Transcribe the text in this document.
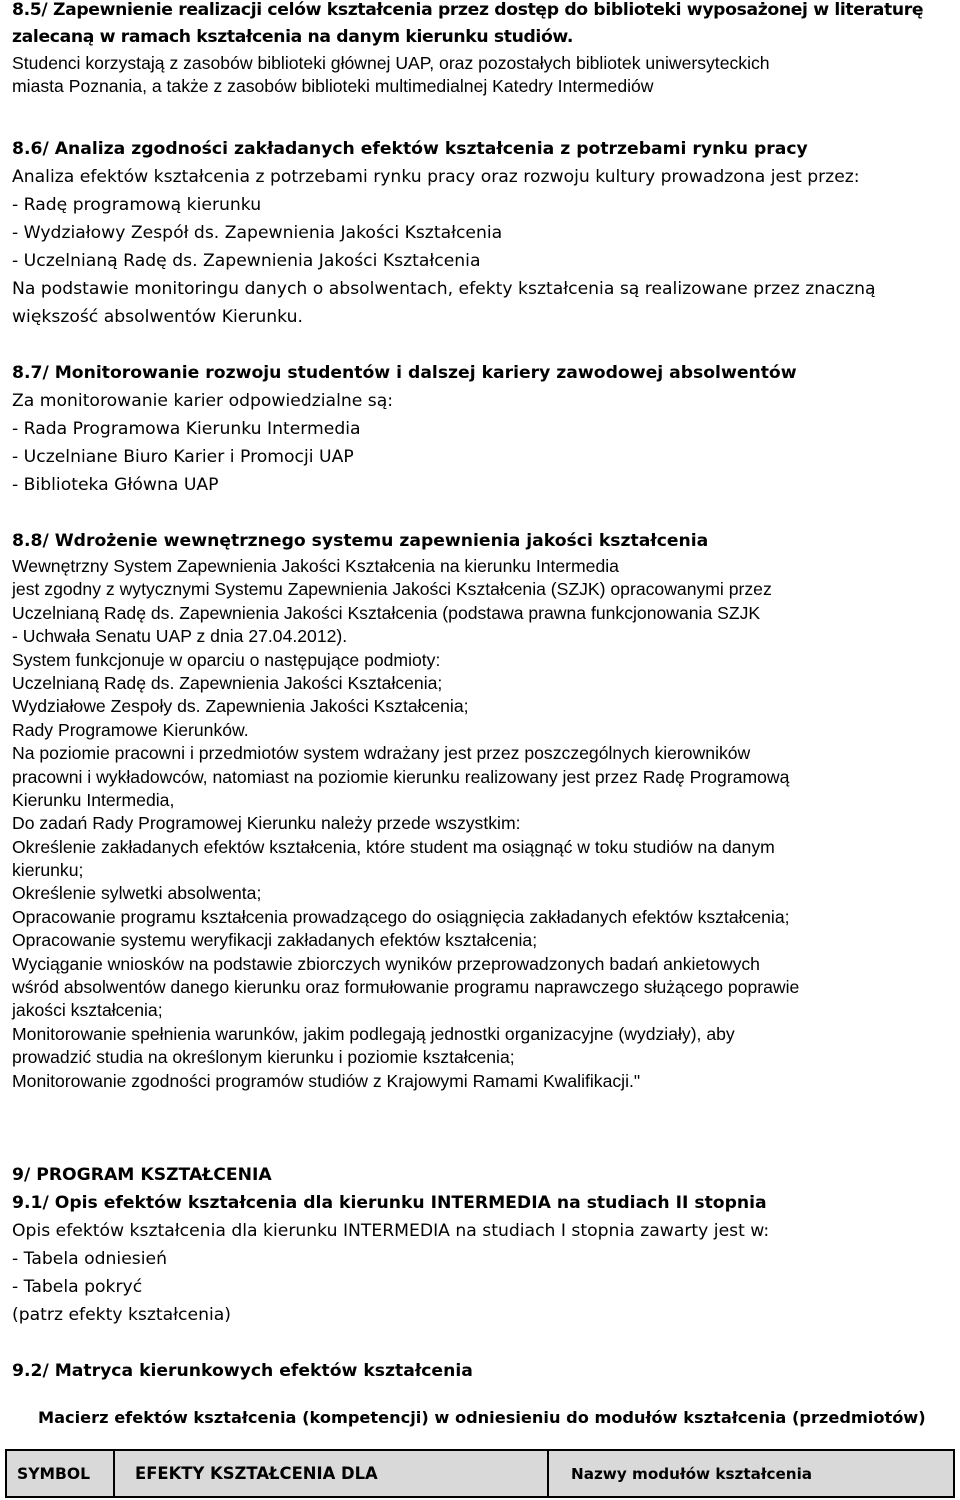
8.5/ Zapewnienie realizacji celów kształcenia przez dostęp do biblioteki wyposażonej w literaturę
zalecaną w ramach kształcenia na danym kierunku studiów.
Studenci korzystają z zasobów biblioteki głównej UAP, oraz pozostałych bibliotek uniwersyteckich
miasta Poznania, a także z zasobów biblioteki multimedialnej Katedry Intermediów
8.6/ Analiza zgodności zakładanych efektów kształcenia z potrzebami rynku pracy
Analiza efektów kształcenia z potrzebami rynku pracy oraz rozwoju kultury prowadzona jest przez:
- Radę programową kierunku
- Wydziałowy Zespół ds. Zapewnienia Jakości Kształcenia
- Uczelnianą Radę ds. Zapewnienia Jakości Kształcenia
Na podstawie monitoringu danych o absolwentach, efekty kształcenia są realizowane przez znaczną
większość absolwentów Kierunku.
8.7/ Monitorowanie rozwoju studentów i dalszej kariery zawodowej absolwentów
Za monitorowanie karier odpowiedzialne są:
- Rada Programowa Kierunku Intermedia
- Uczelniane Biuro Karier i Promocji UAP
- Biblioteka Główna UAP
8.8/ Wdrożenie wewnętrznego systemu zapewnienia jakości kształcenia
Wewnętrzny System Zapewnienia Jakości Kształcenia na kierunku Intermedia
jest zgodny z wytycznymi Systemu Zapewnienia Jakości Kształcenia (SZJK) opracowanymi przez
Uczelnianą Radę ds. Zapewnienia Jakości Kształcenia (podstawa prawna funkcjonowania SZJK
- Uchwała Senatu UAP z dnia 27.04.2012).
System funkcjonuje w oparciu o następujące podmioty:
Uczelnianą Radę ds. Zapewnienia Jakości Kształcenia;
Wydziałowe Zespoły ds. Zapewnienia Jakości Kształcenia;
Rady Programowe Kierunków.
Na poziomie pracowni i przedmiotów system wdrażany jest przez poszczególnych kierowników
pracowni i wykładowców, natomiast na poziomie kierunku realizowany jest przez Radę Programową
Kierunku Intermedia,
Do zadań Rady Programowej Kierunku należy przede wszystkim:
Określenie zakładanych efektów kształcenia, które student ma osiągnąć w toku studiów na danym
kierunku;
Określenie sylwetki absolwenta;
Opracowanie programu kształcenia prowadzącego do osiągnięcia zakładanych efektów kształcenia;
Opracowanie systemu weryfikacji zakładanych efektów kształcenia;
Wyciąganie wniosków na podstawie zbiorczych wyników przeprowadzonych badań ankietowych
wśród absolwentów danego kierunku oraz formułowanie programu naprawczego służącego poprawie
jakości kształcenia;
Monitorowanie spełnienia warunków, jakim podlegają jednostki organizacyjne (wydziały), aby
prowadzić studia na określonym kierunku i poziomie kształcenia;
Monitorowanie zgodności programów studiów z Krajowymi Ramami Kwalifikacji."
9/ PROGRAM KSZTAŁCENIA
9.1/ Opis efektów kształcenia dla kierunku INTERMEDIA na studiach II stopnia
Opis efektów kształcenia dla kierunku INTERMEDIA na studiach I stopnia zawarty jest w:
- Tabela odniesień
- Tabela pokryć
(patrz efekty kształcenia)
9.2/ Matryca kierunkowych efektów kształcenia
Macierz efektów kształcenia (kompetencji) w odniesieniu do modułów kształcenia (przedmiotów)
SYMBOL	EFEKTY KSZTAŁCENIA DLA	Nazwy modułów kształcenia
